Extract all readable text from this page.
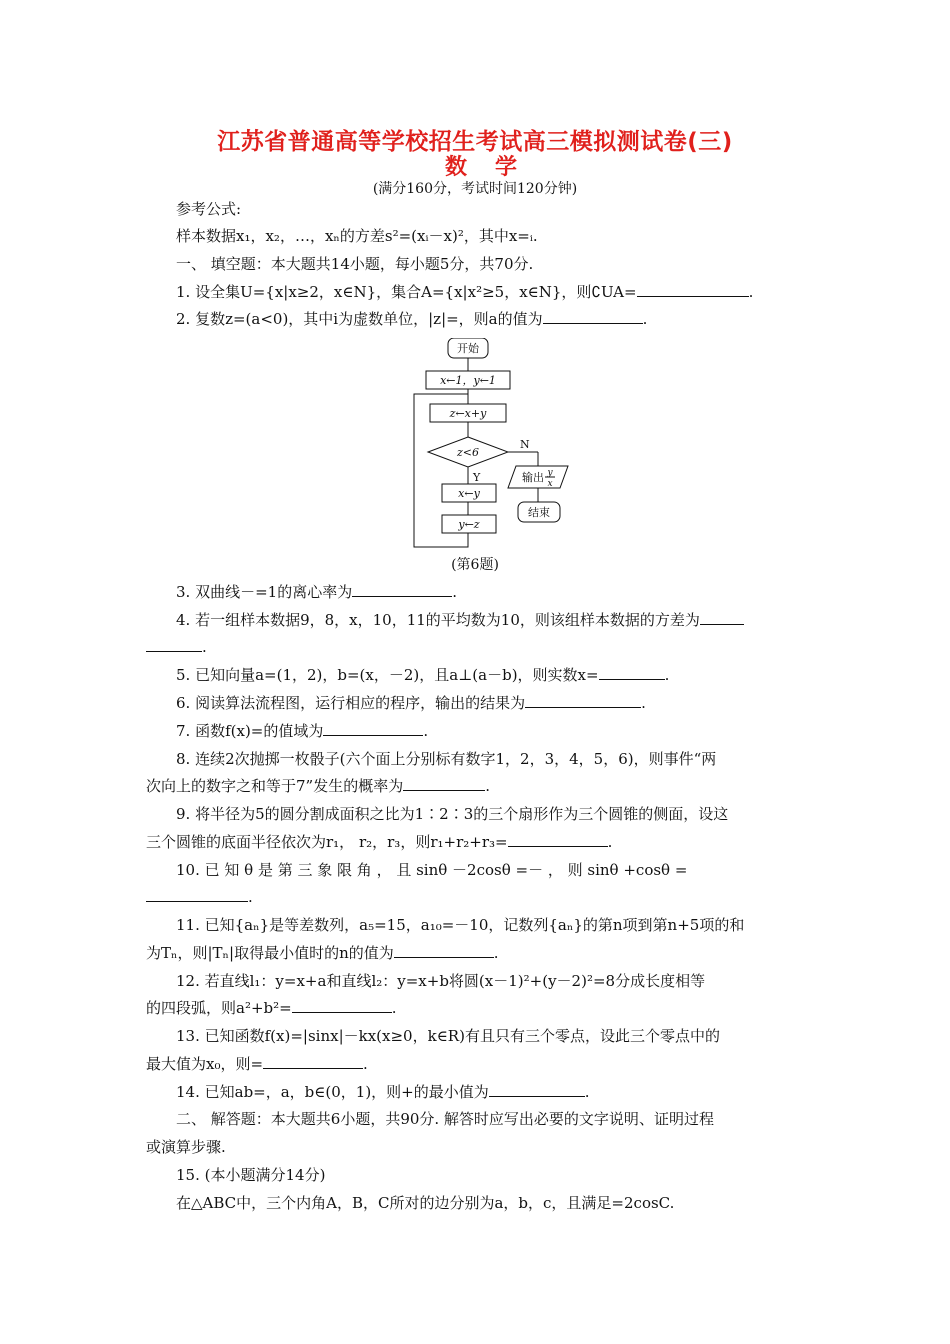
江苏省普通高等学校招生考试高三模拟测试卷(三)
数学
(满分160分，考试时间120分钟)
参考公式:
样本数据x₁，x₂，…，xₙ的方差s²=(xᵢ－x)²，其中x=ᵢ.
一、 填空题：本大题共14小题，每小题5分，共70分.
1. 设全集U={x|x≥2，x∈N}，集合A={x|x²≥5，x∈N}，则∁UA=	.
2. 复数z=(a<0)，其中i为虚数单位，|z|=，则a的值为	.
开始
x←1，y←1
z←x+y
z<6
N
输出 y
x
结束
Y
x←y
y←z
(第6题)
3. 双曲线－=1的离心率为	.
4. 若一组样本数据9，8，x，10，11的平均数为10，则该组样本数据的方差为
.
5. 已知向量a=(1，2)，b=(x，－2)，且a⊥(a－b)，则实数x=	.
6. 阅读算法流程图，运行相应的程序，输出的结果为	.
7. 函数f(x)=的值域为	.
8. 连续2次抛掷一枚骰子(六个面上分别标有数字1，2，3，4，5，6)，则事件“两
次向上的数字之和等于7”发生的概率为	.
9. 将半径为5的圆分割成面积之比为1∶2∶3的三个扇形作为三个圆锥的侧面，设这
三个圆锥的底面半径依次为r₁， r₂，r₃，则r₁+r₂+r₃=	.
10. 已 知 θ 是 第 三 象 限 角 ， 且 sinθ －2cosθ =－ ， 则 sinθ +cosθ =
.
11. 已知{aₙ}是等差数列，a₅=15，a₁₀=－10，记数列{aₙ}的第n项到第n+5项的和
为Tₙ，则|Tₙ|取得最小值时的n的值为	.
12. 若直线l₁：y=x+a和直线l₂：y=x+b将圆(x－1)²+(y－2)²=8分成长度相等
的四段弧，则a²+b²=	.
13. 已知函数f(x)=|sinx|－kx(x≥0，k∈R)有且只有三个零点，设此三个零点中的
最大值为x₀，则=	.
14. 已知ab=，a，b∈(0，1)，则+的最小值为	.
二、 解答题：本大题共6小题，共90分. 解答时应写出必要的文字说明、证明过程
或演算步骤.
15. (本小题满分14分)
在△ABC中，三个内角A，B，C所对的边分别为a，b，c，且满足=2cosC.
